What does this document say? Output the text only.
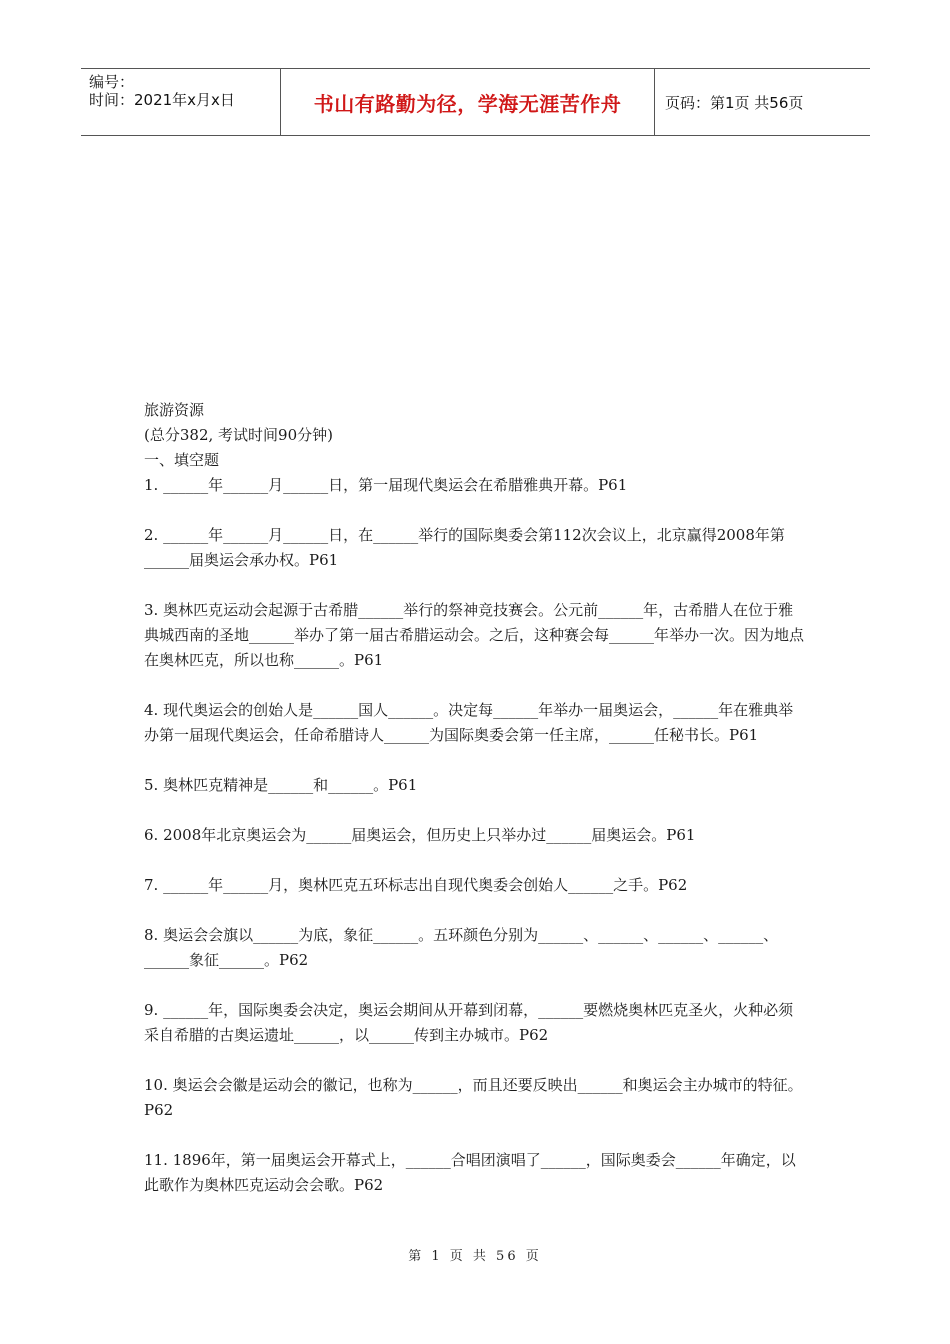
编号：
时间：2021年x月x日	书山有路勤为径，学海无涯苦作舟	页码：第1页 共56页

旅游资源

(总分382, 考试时间90分钟)

一、填空题

1. ______年______月______日，第一届现代奥运会在希腊雅典开幕。P61

2. ______年______月______日，在______举行的国际奥委会第112次会议上，北京赢得2008年第______届奥运会承办权。P61

3. 奥林匹克运动会起源于古希腊______举行的祭神竞技赛会。公元前______年，古希腊人在位于雅典城西南的圣地______举办了第一届古希腊运动会。之后，这种赛会每______年举办一次。因为地点在奥林匹克，所以也称______。P61

4. 现代奥运会的创始人是______国人______。决定每______年举办一届奥运会，______年在雅典举办第一届现代奥运会，任命希腊诗人______为国际奥委会第一任主席，______任秘书长。P61

5. 奥林匹克精神是______和______。P61

6. 2008年北京奥运会为______届奥运会，但历史上只举办过______届奥运会。P61

7. ______年______月，奥林匹克五环标志出自现代奥委会创始人______之手。P62

8. 奥运会会旗以______为底，象征______。五环颜色分别为______、______、______、______、______象征______。P62

9. ______年，国际奥委会决定，奥运会期间从开幕到闭幕，______要燃烧奥林匹克圣火，火种必须采自希腊的古奥运遗址______，以______传到主办城市。P62

10. 奥运会会徽是运动会的徽记，也称为______，而且还要反映出______和奥运会主办城市的特征。P62

11. 1896年，第一届奥运会开幕式上，______合唱团演唱了______，国际奥委会______年确定，以此歌作为奥林匹克运动会会歌。P62

第 1 页 共 56 页
